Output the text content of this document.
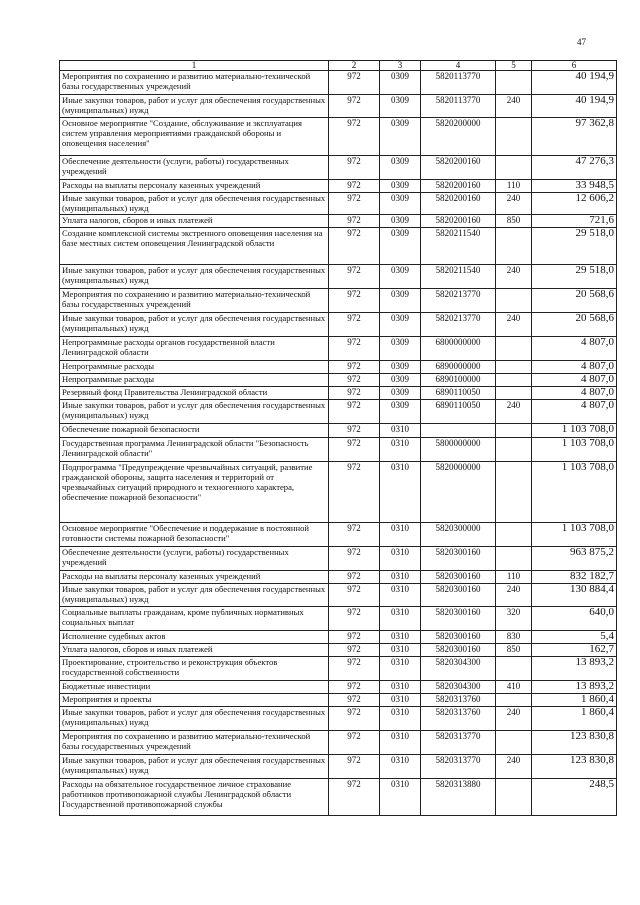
47
1	2	3	4	5	6
Мероприятия по сохранению и развитию материально-технической базы государственных учреждений	972	0309	5820113770		40 194,9
Иные закупки товаров, работ и услуг для обеспечения государственных (муниципальных) нужд	972	0309	5820113770	240	40 194,9
Основное мероприятие "Создание, обслуживание и эксплуатация систем управления мероприятиями гражданской обороны и оповещения населения"	972	0309	5820200000		97 362,8
Обеспечение деятельности (услуги, работы) государственных учреждений	972	0309	5820200160		47 276,3
Расходы на выплаты персоналу казенных учреждений	972	0309	5820200160	110	33 948,5
Иные закупки товаров, работ и услуг для обеспечения государственных (муниципальных) нужд	972	0309	5820200160	240	12 606,2
Уплата налогов, сборов и иных платежей	972	0309	5820200160	850	721,6
Создание комплексной системы экстренного оповещения населения на базе местных систем оповещения Ленинградской области	972	0309	5820211540		29 518,0
Иные закупки товаров, работ и услуг для обеспечения государственных (муниципальных) нужд	972	0309	5820211540	240	29 518,0
Мероприятия по сохранению и развитию материально-технической базы государственных учреждений	972	0309	5820213770		20 568,6
Иные закупки товаров, работ и услуг для обеспечения государственных (муниципальных) нужд	972	0309	5820213770	240	20 568,6
Непрограммные расходы органов государственной власти Ленинградской области	972	0309	6800000000		4 807,0
Непрограммные расходы	972	0309	6890000000		4 807,0
Непрограммные расходы	972	0309	6890100000		4 807,0
Резервный фонд Правительства Ленинградской области	972	0309	6890110050		4 807,0
Иные закупки товаров, работ и услуг для обеспечения государственных (муниципальных) нужд	972	0309	6890110050	240	4 807,0
Обеспечение пожарной безопасности	972	0310			1 103 708,0
Государственная программа Ленинградской области "Безопасность Ленинградской области"	972	0310	5800000000		1 103 708,0
Подпрограмма "Предупреждение чрезвычайных ситуаций, развитие гражданской обороны, защита населения и территорий от чрезвычайных ситуаций природного и техногенного характера, обеспечение пожарной безопасности"	972	0310	5820000000		1 103 708,0
Основное мероприятие "Обеспечение и поддержание в постоянной готовности системы пожарной безопасности"	972	0310	5820300000		1 103 708,0
Обеспечение деятельности (услуги, работы) государственных учреждений	972	0310	5820300160		963 875,2
Расходы на выплаты персоналу казенных учреждений	972	0310	5820300160	110	832 182,7
Иные закупки товаров, работ и услуг для обеспечения государственных (муниципальных) нужд	972	0310	5820300160	240	130 884,4
Социальные выплаты гражданам, кроме публичных нормативных социальных выплат	972	0310	5820300160	320	640,0
Исполнение судебных актов	972	0310	5820300160	830	5,4
Уплата налогов, сборов и иных платежей	972	0310	5820300160	850	162,7
Проектирование, строительство и реконструкция объектов государственной собственности	972	0310	5820304300		13 893,2
Бюджетные инвестиции	972	0310	5820304300	410	13 893,2
Мероприятия и проекты	972	0310	5820313760		1 860,4
Иные закупки товаров, работ и услуг для обеспечения государственных (муниципальных) нужд	972	0310	5820313760	240	1 860,4
Мероприятия по сохранению и развитию материально-технической базы государственных учреждений	972	0310	5820313770		123 830,8
Иные закупки товаров, работ и услуг для обеспечения государственных (муниципальных) нужд	972	0310	5820313770	240	123 830,8
Расходы на обязательное государственное личное страхование работников противопожарной службы Ленинградской области Государственной противопожарной службы	972	0310	5820313880		248,5
